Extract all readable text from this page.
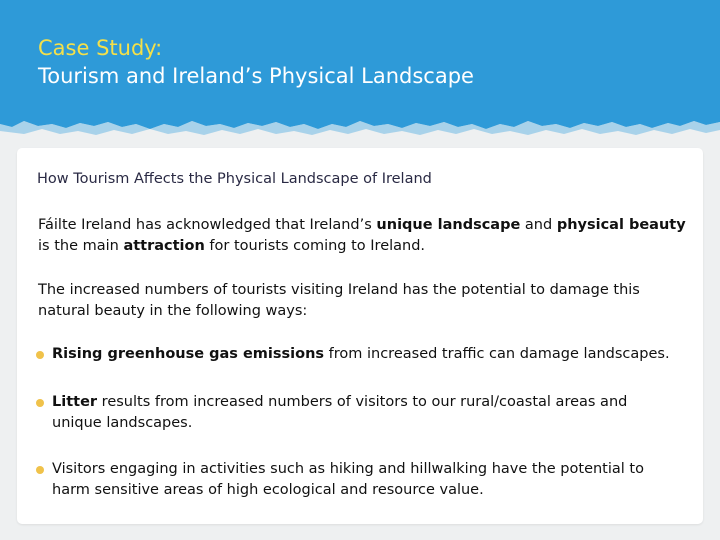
Case Study:
Tourism and Ireland’s Physical Landscape
How Tourism Affects the Physical Landscape of Ireland
Fáilte Ireland has acknowledged that Ireland’s unique landscape and physical beauty is the main attraction for tourists coming to Ireland.
The increased numbers of tourists visiting Ireland has the potential to damage this natural beauty in the following ways:
Rising greenhouse gas emissions from increased traffic can damage landscapes.
Litter results from increased numbers of visitors to our rural/coastal areas and unique landscapes.
Visitors engaging in activities such as hiking and hillwalking have the potential to harm sensitive areas of high ecological and resource value.
